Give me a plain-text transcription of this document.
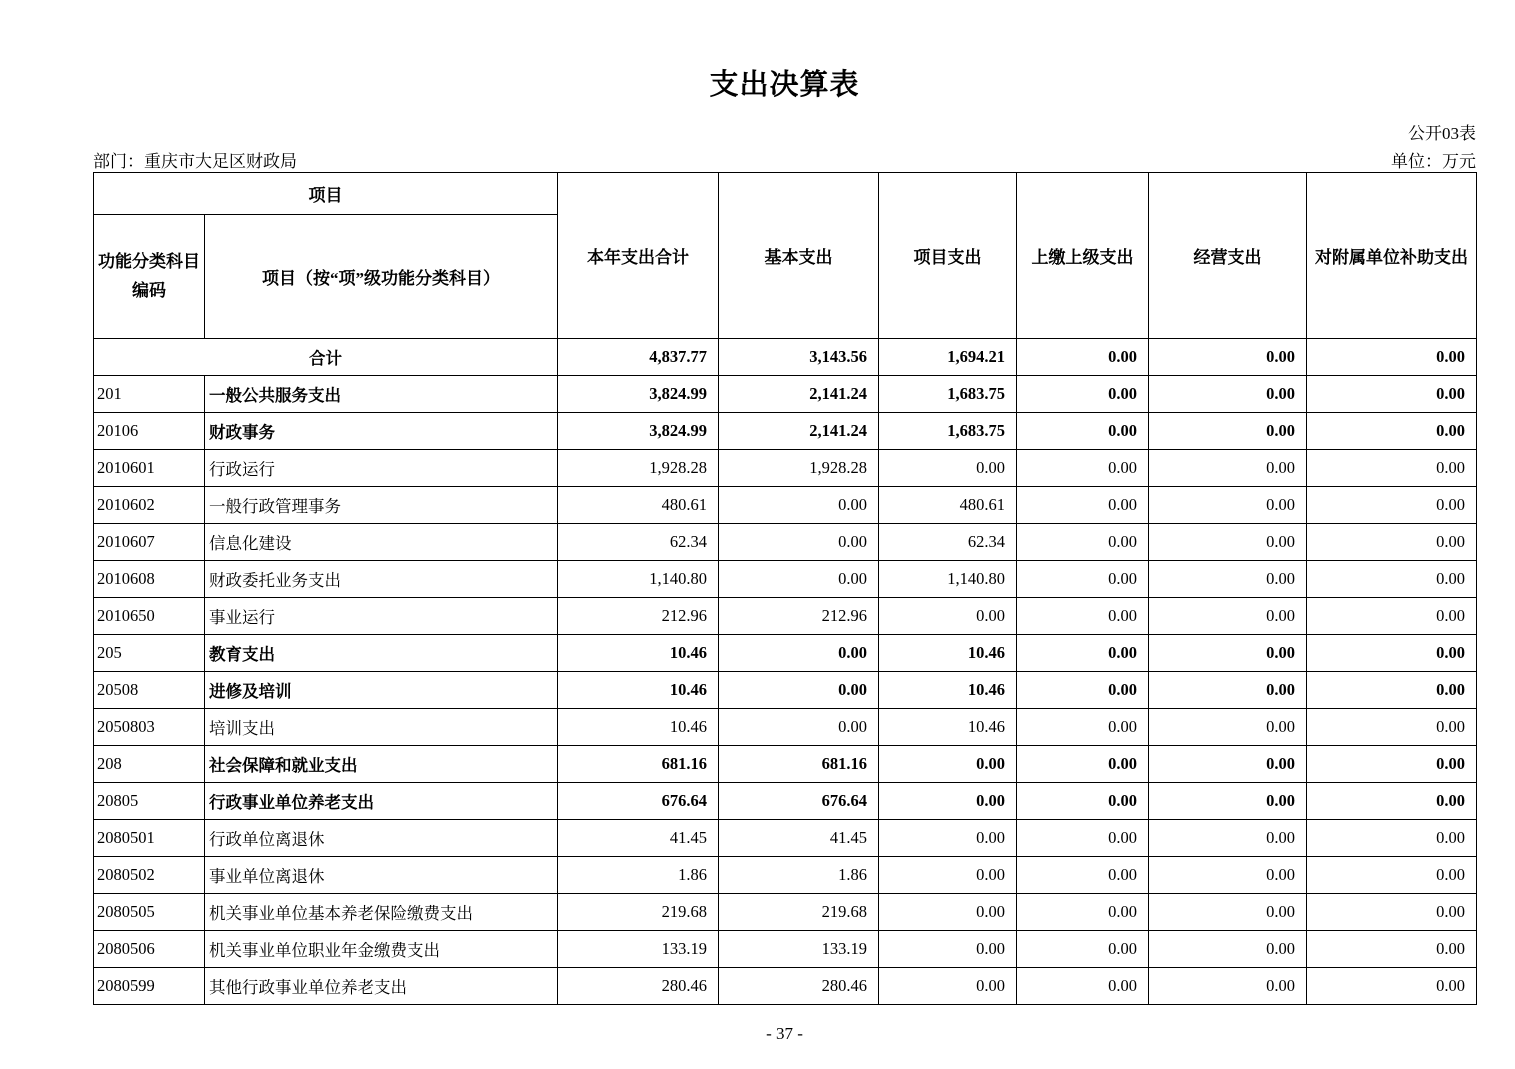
支出决算表
公开03表
部门：重庆市大足区财政局	单位：万元
项目		本年支出合计	基本支出	项目支出	上缴上级支出	经营支出	对附属单位补助支出

功能分类科目
编码	项目（按“项”级功能分类科目）						
合计		4,837.77	3,143.56	1,694.21	0.00	0.00	0.00
201	一般公共服务支出	3,824.99	2,141.24	1,683.75	0.00	0.00	0.00
20106	财政事务	3,824.99	2,141.24	1,683.75	0.00	0.00	0.00
2010601	行政运行	1,928.28	1,928.28	0.00	0.00	0.00	0.00
2010602	一般行政管理事务	480.61	0.00	480.61	0.00	0.00	0.00
2010607	信息化建设	62.34	0.00	62.34	0.00	0.00	0.00
2010608	财政委托业务支出	1,140.80	0.00	1,140.80	0.00	0.00	0.00
2010650	事业运行	212.96	212.96	0.00	0.00	0.00	0.00
205	教育支出	10.46	0.00	10.46	0.00	0.00	0.00
20508	进修及培训	10.46	0.00	10.46	0.00	0.00	0.00
2050803	培训支出	10.46	0.00	10.46	0.00	0.00	0.00
208	社会保障和就业支出	681.16	681.16	0.00	0.00	0.00	0.00
20805	行政事业单位养老支出	676.64	676.64	0.00	0.00	0.00	0.00
2080501	行政单位离退休	41.45	41.45	0.00	0.00	0.00	0.00
2080502	事业单位离退休	1.86	1.86	0.00	0.00	0.00	0.00
2080505	机关事业单位基本养老保险缴费支出	219.68	219.68	0.00	0.00	0.00	0.00
2080506	机关事业单位职业年金缴费支出	133.19	133.19	0.00	0.00	0.00	0.00
2080599	其他行政事业单位养老支出	280.46	280.46	0.00	0.00	0.00	0.00
- 37 -
